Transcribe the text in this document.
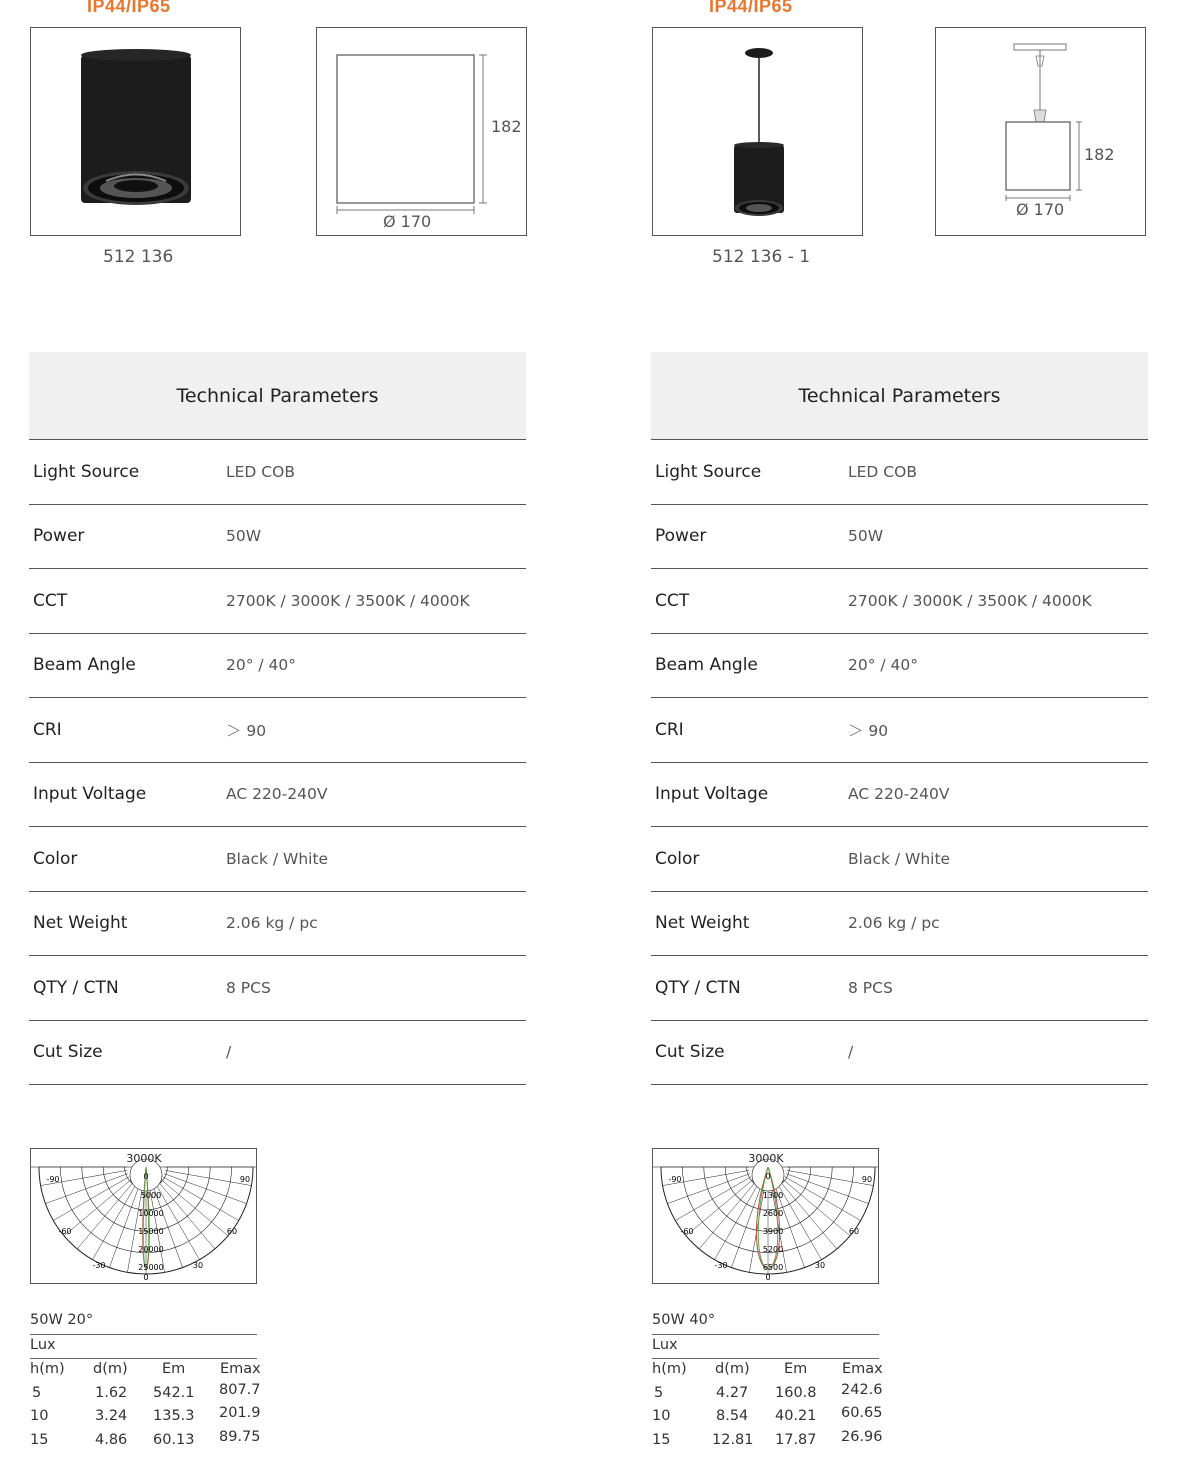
IP44/IP65
182
Ø 170
512 136
Technical Parameters
Light Source	LED COB
Power	50W
CCT	2700K / 3000K / 3500K / 4000K
Beam Angle	20° / 40°
CRI	＞ 90
Input Voltage	AC 220-240V
Color	Black / White
Net Weight	2.06 kg / pc
QTY / CTN	8 PCS
Cut Size	/
3000K
-90	90
-60	60
-30	30
0
0
5000
10000
15000
20000
25000
50W 20°
Lux
h(m) d(m) Em Emax
5	1.62 542.1 807.7
10	3.24 135.3 201.9
15	4.86 60.13 89.75
IP44/IP65
182
Ø 170
512 136 - 1
Technical Parameters
Light Source	LED COB
Power	50W
CCT	2700K / 3000K / 3500K / 4000K
Beam Angle	20° / 40°
CRI	＞ 90
Input Voltage	AC 220-240V
Color	Black / White
Net Weight	2.06 kg / pc
QTY / CTN	8 PCS
Cut Size	/
3000K
-90	90
-60	60
-30	30
0
0
1300
2600
3900
5200
6500
50W 40°
Lux
h(m) d(m) Em Emax
5	4.27 160.8 242.6
10	8.54 40.21 60.65
15	12.81 17.87 26.96
